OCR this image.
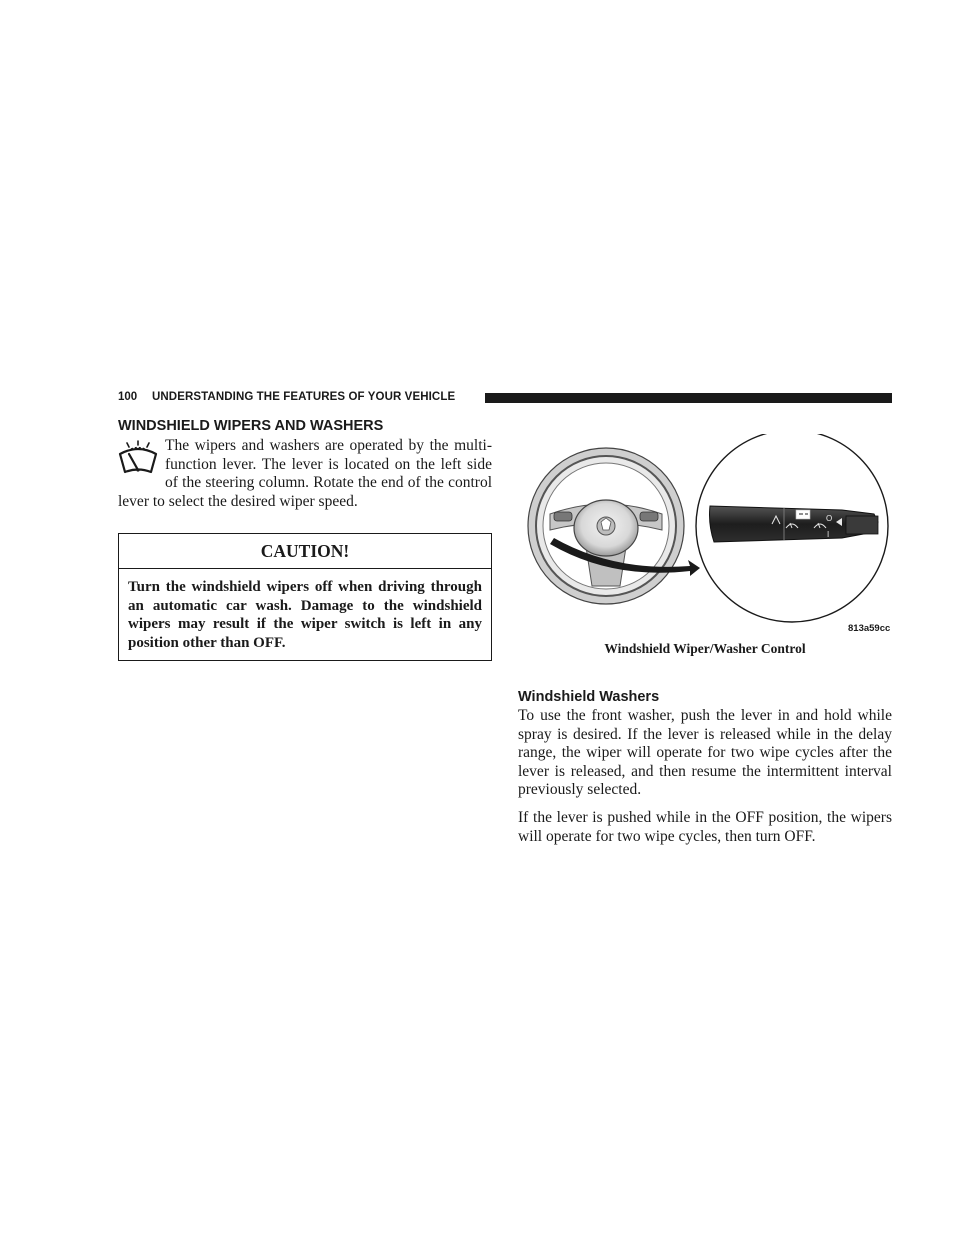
100 UNDERSTANDING THE FEATURES OF YOUR VEHICLE
WINDSHIELD WIPERS AND WASHERS

The wipers and washers are operated by the multi-function lever. The lever is located on the left side of the steering column. Rotate the end of the control lever to select the desired wiper speed.

CAUTION!

Turn the windshield wipers off when driving through an automatic car wash. Damage to the windshield wipers may result if the wiper switch is left in any position other than OFF.

O
I
813a59cc
Windshield Wiper/Washer Control
Windshield Washers

To use the front washer, push the lever in and hold while spray is desired. If the lever is released while in the delay range, the wiper will operate for two wipe cycles after the lever is released, and then resume the intermittent interval previously selected.

If the lever is pushed while in the OFF position, the wipers will operate for two wipe cycles, then turn OFF.
